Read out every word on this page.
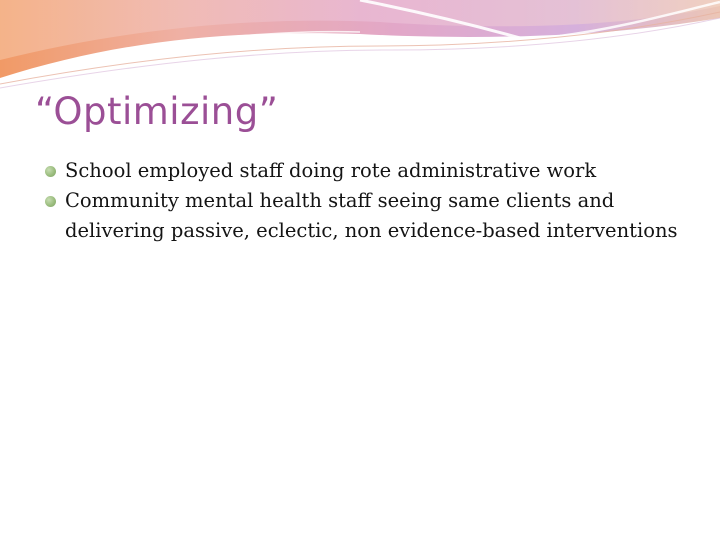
“Optimizing”
School employed staff doing rote administrative work
Community mental health staff seeing same clients and delivering passive, eclectic, non evidence-based interventions
